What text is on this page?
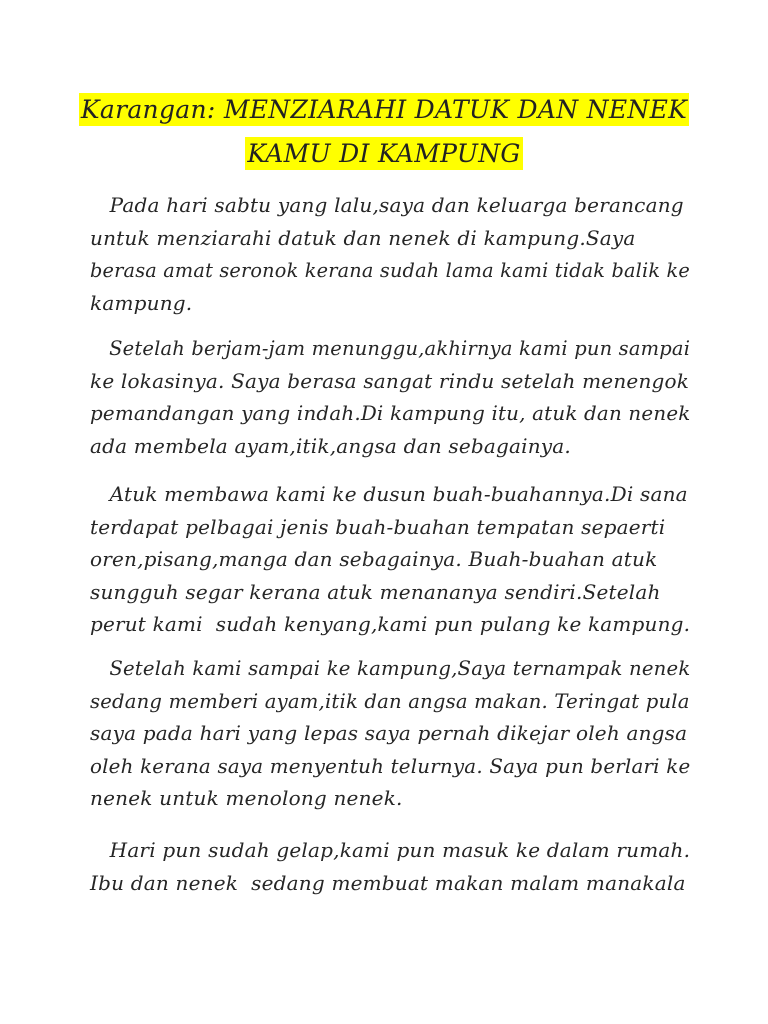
Karangan: MENZIARAHI DATUK DAN NENEK
KAMU DI KAMPUNG
Pada hari sabtu yang lalu,saya dan keluarga berancang
untuk menziarahi datuk dan nenek di kampung.Saya
berasa amat seronok kerana sudah lama kami tidak balik ke
kampung.
Setelah berjam-jam menunggu,akhirnya kami pun sampai
ke lokasinya. Saya berasa sangat rindu setelah menengok
pemandangan yang indah.Di kampung itu, atuk dan nenek
ada membela ayam,itik,angsa dan sebagainya.
Atuk membawa kami ke dusun buah-buahannya.Di sana
terdapat pelbagai jenis buah-buahan tempatan sepaerti
oren,pisang,manga dan sebagainya. Buah-buahan atuk
sungguh segar kerana atuk menananya sendiri.Setelah
perut kami  sudah kenyang,kami pun pulang ke kampung.
Setelah kami sampai ke kampung,Saya ternampak nenek
sedang memberi ayam,itik dan angsa makan. Teringat pula
saya pada hari yang lepas saya pernah dikejar oleh angsa
oleh kerana saya menyentuh telurnya. Saya pun berlari ke
nenek untuk menolong nenek.
Hari pun sudah gelap,kami pun masuk ke dalam rumah.
Ibu dan nenek  sedang membuat makan malam manakala
